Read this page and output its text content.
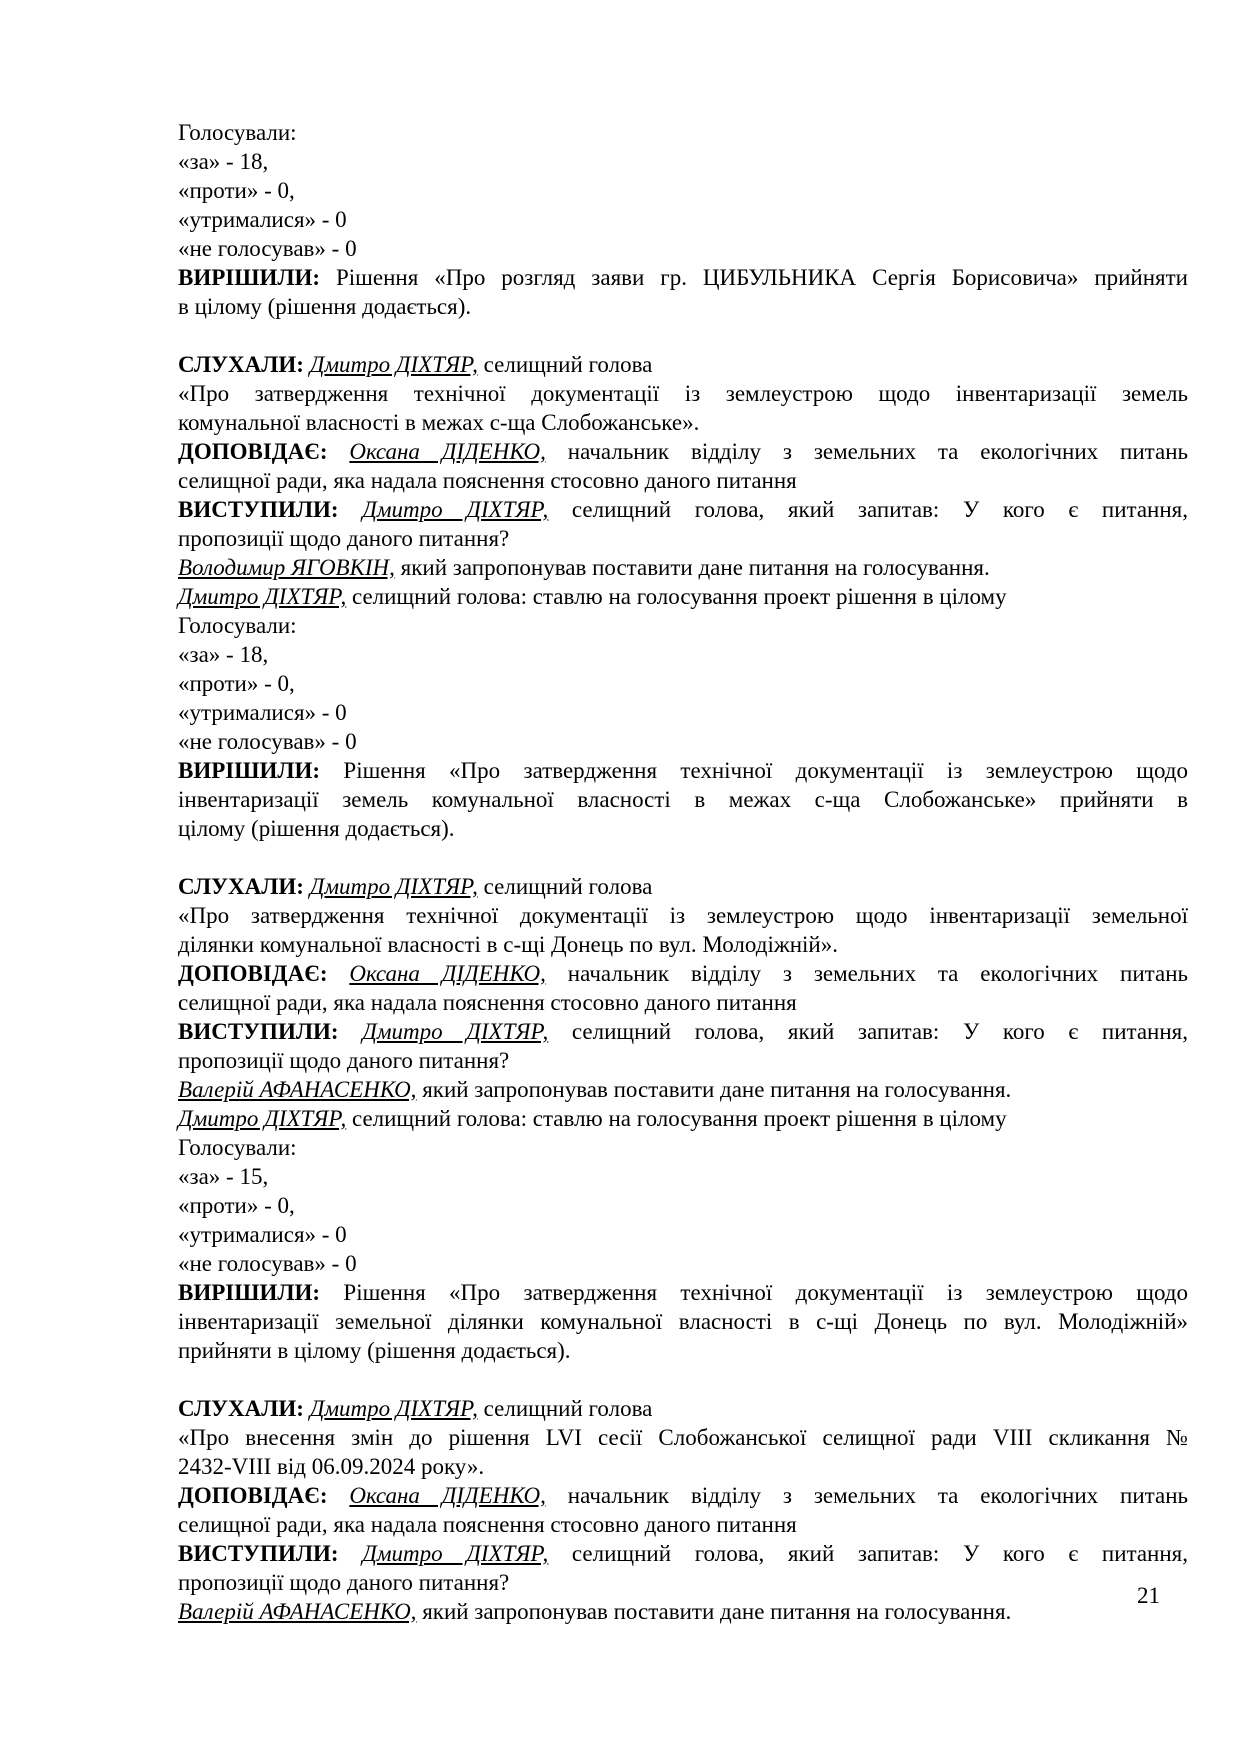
Голосували:
«за» - 18,
«проти» - 0,
«утрималися» - 0
«не голосував» - 0
ВИРІШИЛИ: Рішення «Про розгляд заяви гр. ЦИБУЛЬНИКА Сергія Борисовича» прийняти
в цілому (рішення додається).
СЛУХАЛИ: Дмитро ДІХТЯР, селищний голова
«Про затвердження технічної документації із землеустрою щодо інвентаризації земель
комунальної власності в межах с-ща Слобожанське».
ДОПОВІДАЄ: Оксана ДІДЕНКО, начальник відділу з земельних та екологічних питань
селищної ради, яка надала пояснення стосовно даного питання
ВИСТУПИЛИ: Дмитро ДІХТЯР, селищний голова, який запитав: У кого є питання,
пропозиції щодо даного питання?
Володимир ЯГОВКІН, який запропонував поставити дане питання на голосування.
Дмитро ДІХТЯР, селищний голова: ставлю на голосування проект рішення в цілому
Голосували:
«за» - 18,
«проти» - 0,
«утрималися» - 0
«не голосував» - 0
ВИРІШИЛИ: Рішення «Про затвердження технічної документації із землеустрою щодо
інвентаризації земель комунальної власності в межах с-ща Слобожанське» прийняти в
цілому (рішення додається).
СЛУХАЛИ: Дмитро ДІХТЯР, селищний голова
«Про затвердження технічної документації із землеустрою щодо інвентаризації земельної
ділянки комунальної власності в с-щі Донець по вул. Молодіжній».
ДОПОВІДАЄ: Оксана ДІДЕНКО, начальник відділу з земельних та екологічних питань
селищної ради, яка надала пояснення стосовно даного питання
ВИСТУПИЛИ: Дмитро ДІХТЯР, селищний голова, який запитав: У кого є питання,
пропозиції щодо даного питання?
Валерій АФАНАСЕНКО, який запропонував поставити дане питання на голосування.
Дмитро ДІХТЯР, селищний голова: ставлю на голосування проект рішення в цілому
Голосували:
«за» - 15,
«проти» - 0,
«утрималися» - 0
«не голосував» - 0
ВИРІШИЛИ: Рішення «Про затвердження технічної документації із землеустрою щодо
інвентаризації земельної ділянки комунальної власності в с-щі Донець по вул. Молодіжній»
прийняти в цілому (рішення додається).
СЛУХАЛИ: Дмитро ДІХТЯР, селищний голова
«Про внесення змін до рішення LVI сесії Слобожанської селищної ради VIII скликання №
2432-VIII від 06.09.2024 року».
ДОПОВІДАЄ: Оксана ДІДЕНКО, начальник відділу з земельних та екологічних питань
селищної ради, яка надала пояснення стосовно даного питання
ВИСТУПИЛИ: Дмитро ДІХТЯР, селищний голова, який запитав: У кого є питання,
пропозиції щодо даного питання?
Валерій АФАНАСЕНКО, який запропонував поставити дане питання на голосування.
21
